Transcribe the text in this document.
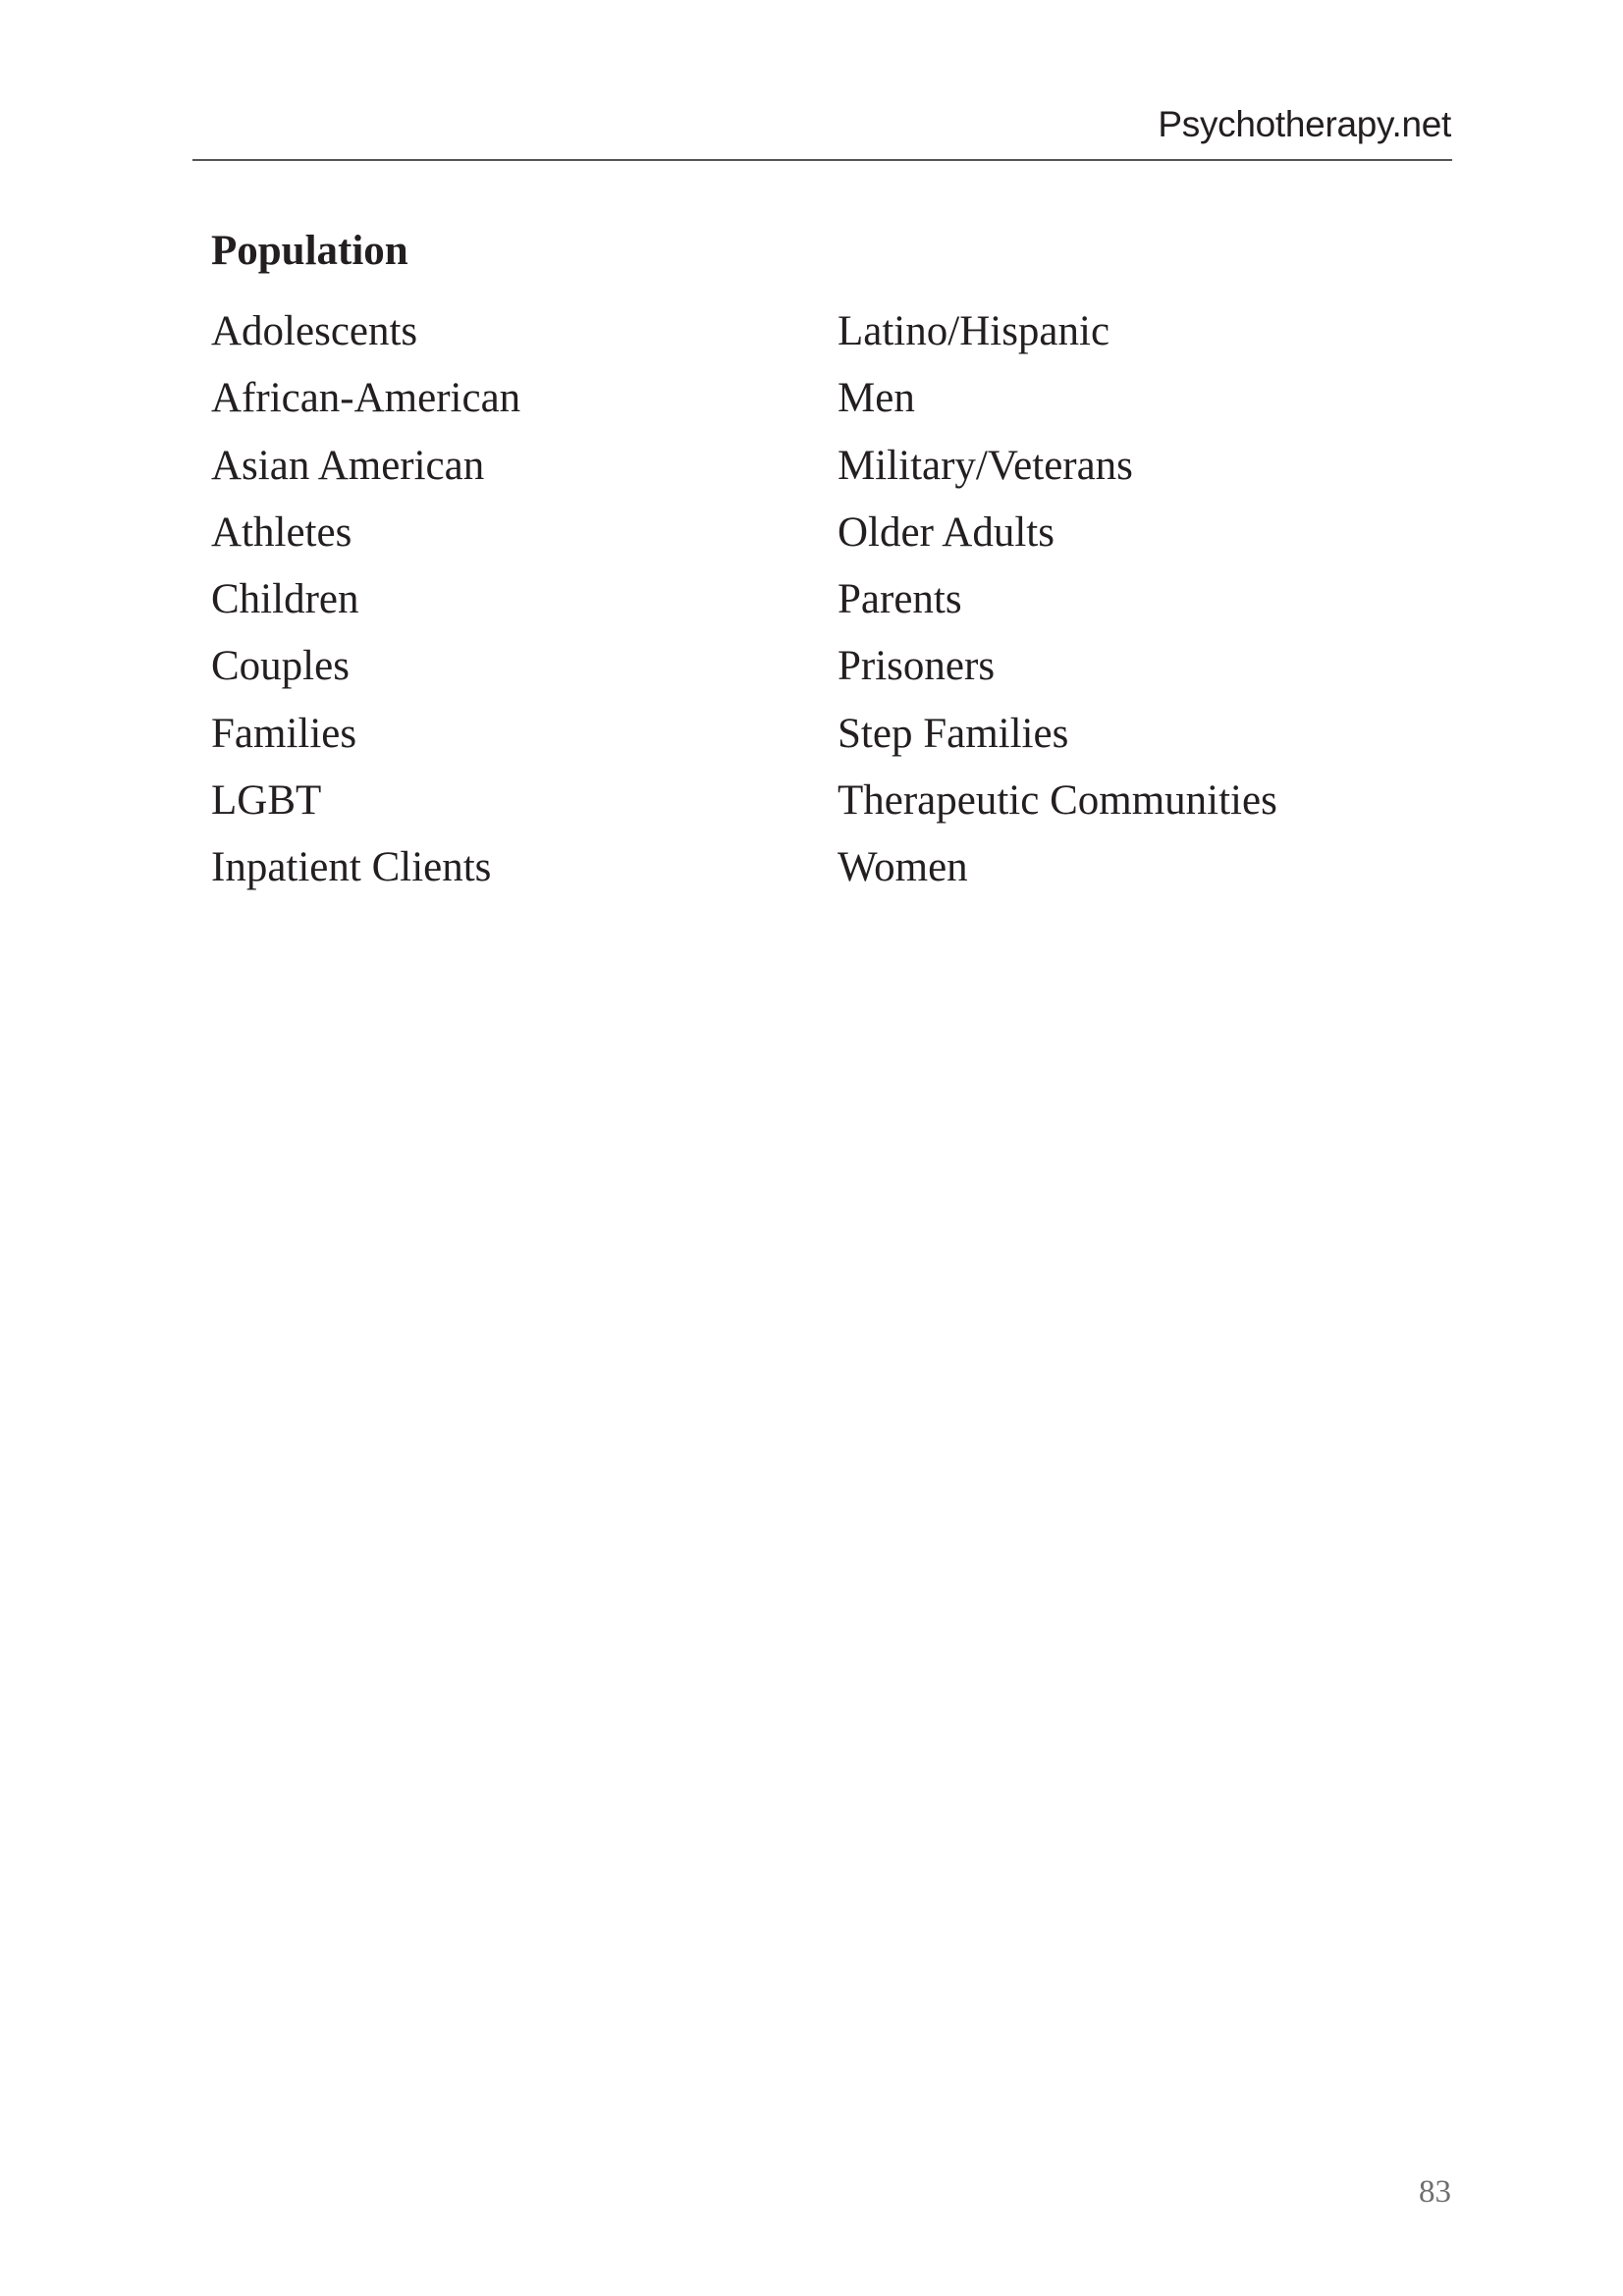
Psychotherapy.net
Population
Adolescents
African-American
Asian American
Athletes
Children
Couples
Families
LGBT
Inpatient Clients
Latino/Hispanic
Men
Military/Veterans
Older Adults
Parents
Prisoners
Step Families
Therapeutic Communities
Women
83
